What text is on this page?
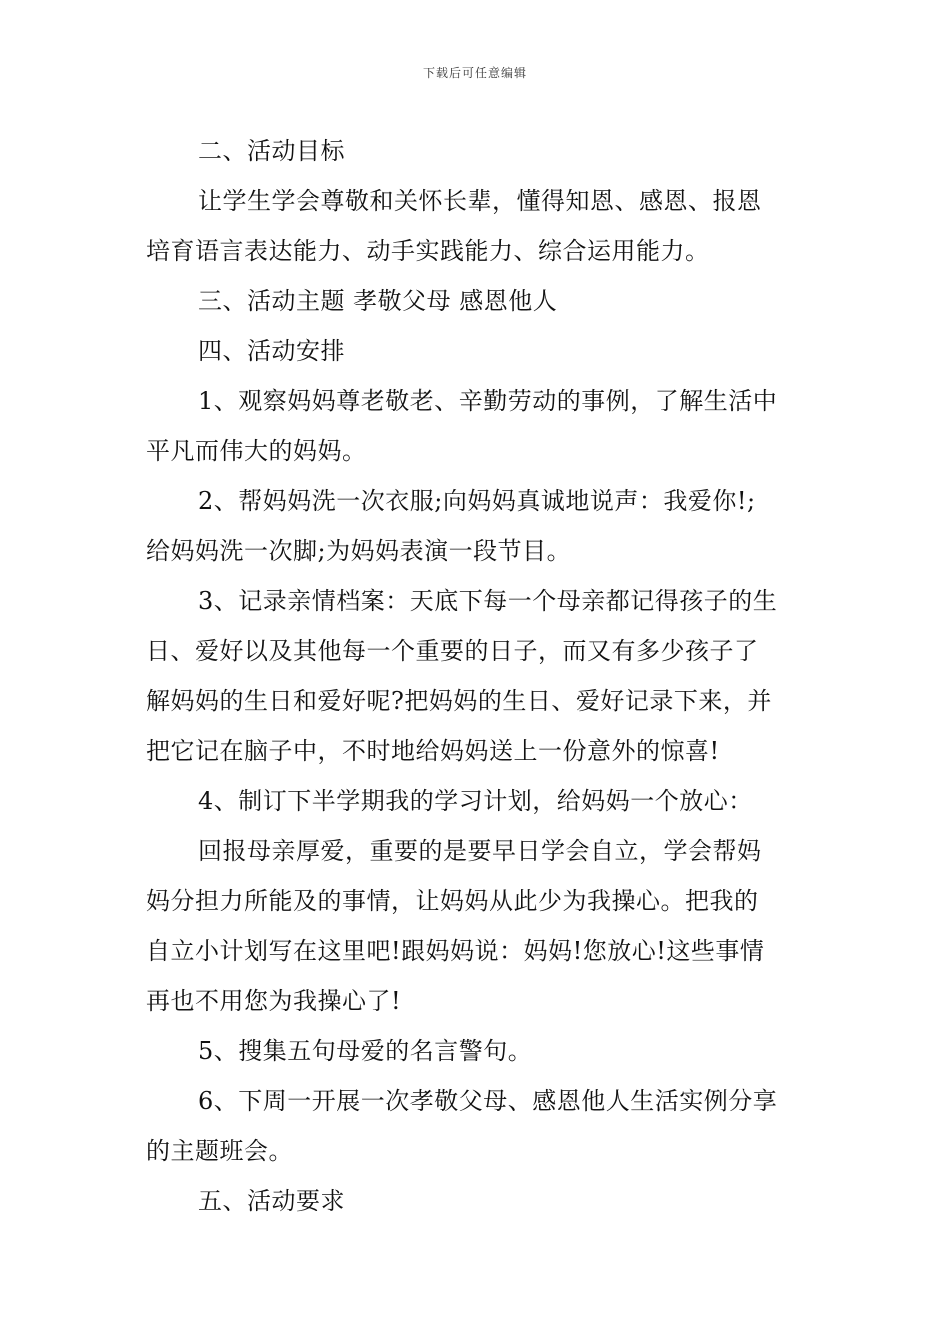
下载后可任意编辑
二、活动目标
让学生学会尊敬和关怀长辈，懂得知恩、感恩、报恩
培育语言表达能力、动手实践能力、综合运用能力。
三、活动主题 孝敬父母 感恩他人
四、活动安排
1、观察妈妈尊老敬老、辛勤劳动的事例，了解生活中
平凡而伟大的妈妈。
2、帮妈妈洗一次衣服;向妈妈真诚地说声：我爱你!;
给妈妈洗一次脚;为妈妈表演一段节目。
3、记录亲情档案：天底下每一个母亲都记得孩子的生
日、爱好以及其他每一个重要的日子，而又有多少孩子了
解妈妈的生日和爱好呢?把妈妈的生日、爱好记录下来，并
把它记在脑子中，不时地给妈妈送上一份意外的惊喜!
4、制订下半学期我的学习计划，给妈妈一个放心：
回报母亲厚爱，重要的是要早日学会自立，学会帮妈
妈分担力所能及的事情，让妈妈从此少为我操心。把我的
自立小计划写在这里吧!跟妈妈说：妈妈!您放心!这些事情
再也不用您为我操心了!
5、搜集五句母爱的名言警句。
6、下周一开展一次孝敬父母、感恩他人生活实例分享
的主题班会。
五、活动要求
